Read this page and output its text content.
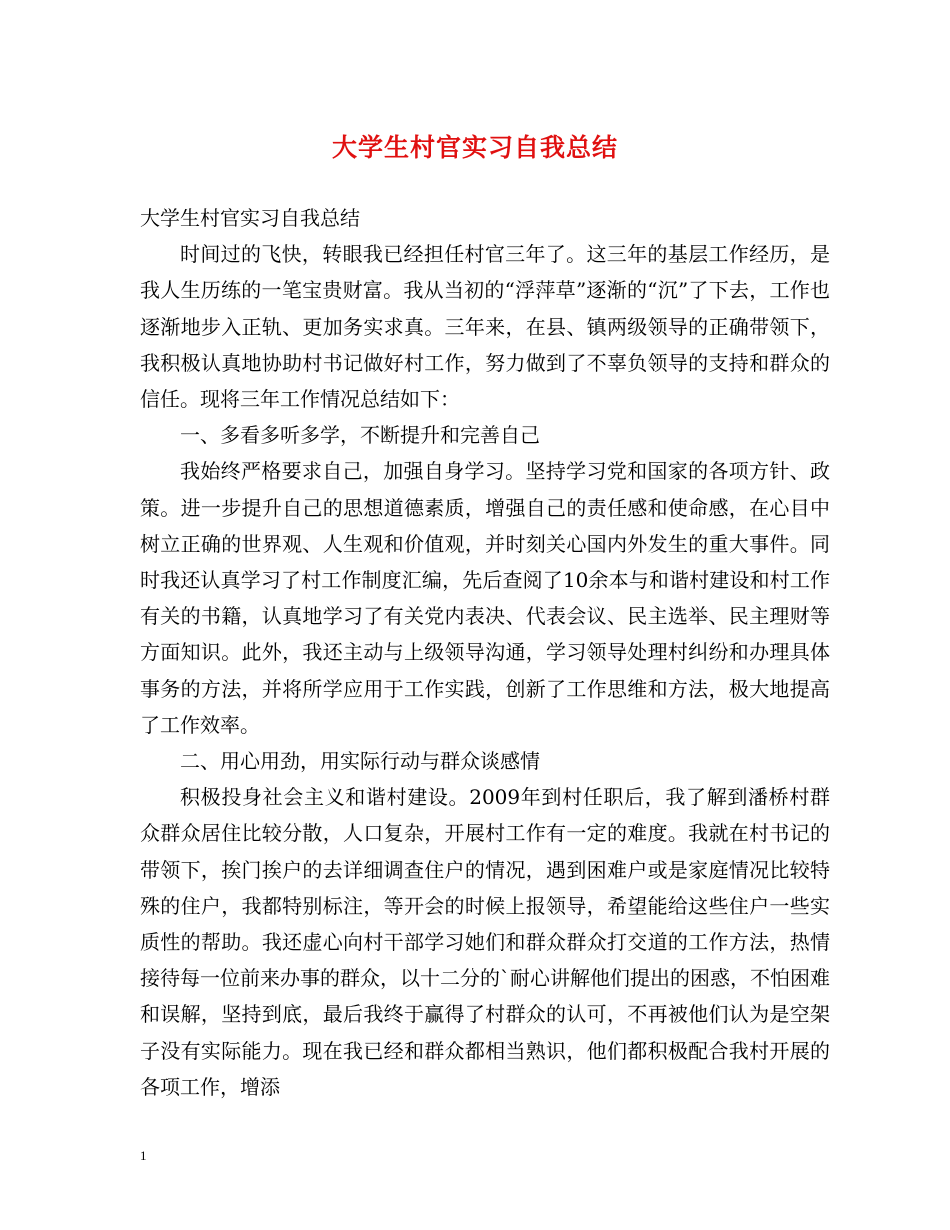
大学生村官实习自我总结

大学生村官实习自我总结

时间过的飞快，转眼我已经担任村官三年了。这三年的基层工作经历，是我人生历练的一笔宝贵财富。我从当初的“浮萍草”逐渐的“沉”了下去，工作也逐渐地步入正轨、更加务实求真。三年来，在县、镇两级领导的正确带领下，我积极认真地协助村书记做好村工作，努力做到了不辜负领导的支持和群众的信任。现将三年工作情况总结如下：

一、多看多听多学，不断提升和完善自己

我始终严格要求自己，加强自身学习。坚持学习党和国家的各项方针、政策。进一步提升自己的思想道德素质，增强自己的责任感和使命感，在心目中树立正确的世界观、人生观和价值观，并时刻关心国内外发生的重大事件。同时我还认真学习了村工作制度汇编，先后查阅了10余本与和谐村建设和村工作有关的书籍，认真地学习了有关党内表决、代表会议、民主选举、民主理财等方面知识。此外，我还主动与上级领导沟通，学习领导处理村纠纷和办理具体事务的方法，并将所学应用于工作实践，创新了工作思维和方法，极大地提高了工作效率。

二、用心用劲，用实际行动与群众谈感情

积极投身社会主义和谐村建设。2009年到村任职后，我了解到潘桥村群众群众居住比较分散，人口复杂，开展村工作有一定的难度。我就在村书记的带领下，挨门挨户的去详细调查住户的情况，遇到困难户或是家庭情况比较特殊的住户，我都特别标注，等开会的时候上报领导，希望能给这些住户一些实质性的帮助。我还虚心向村干部学习她们和群众群众打交道的工作方法，热情接待每一位前来办事的群众，以十二分的`耐心讲解他们提出的困惑，不怕困难和误解，坚持到底，最后我终于赢得了村群众的认可，不再被他们认为是空架子没有实际能力。现在我已经和群众都相当熟识，他们都积极配合我村开展的各项工作，增添

1
